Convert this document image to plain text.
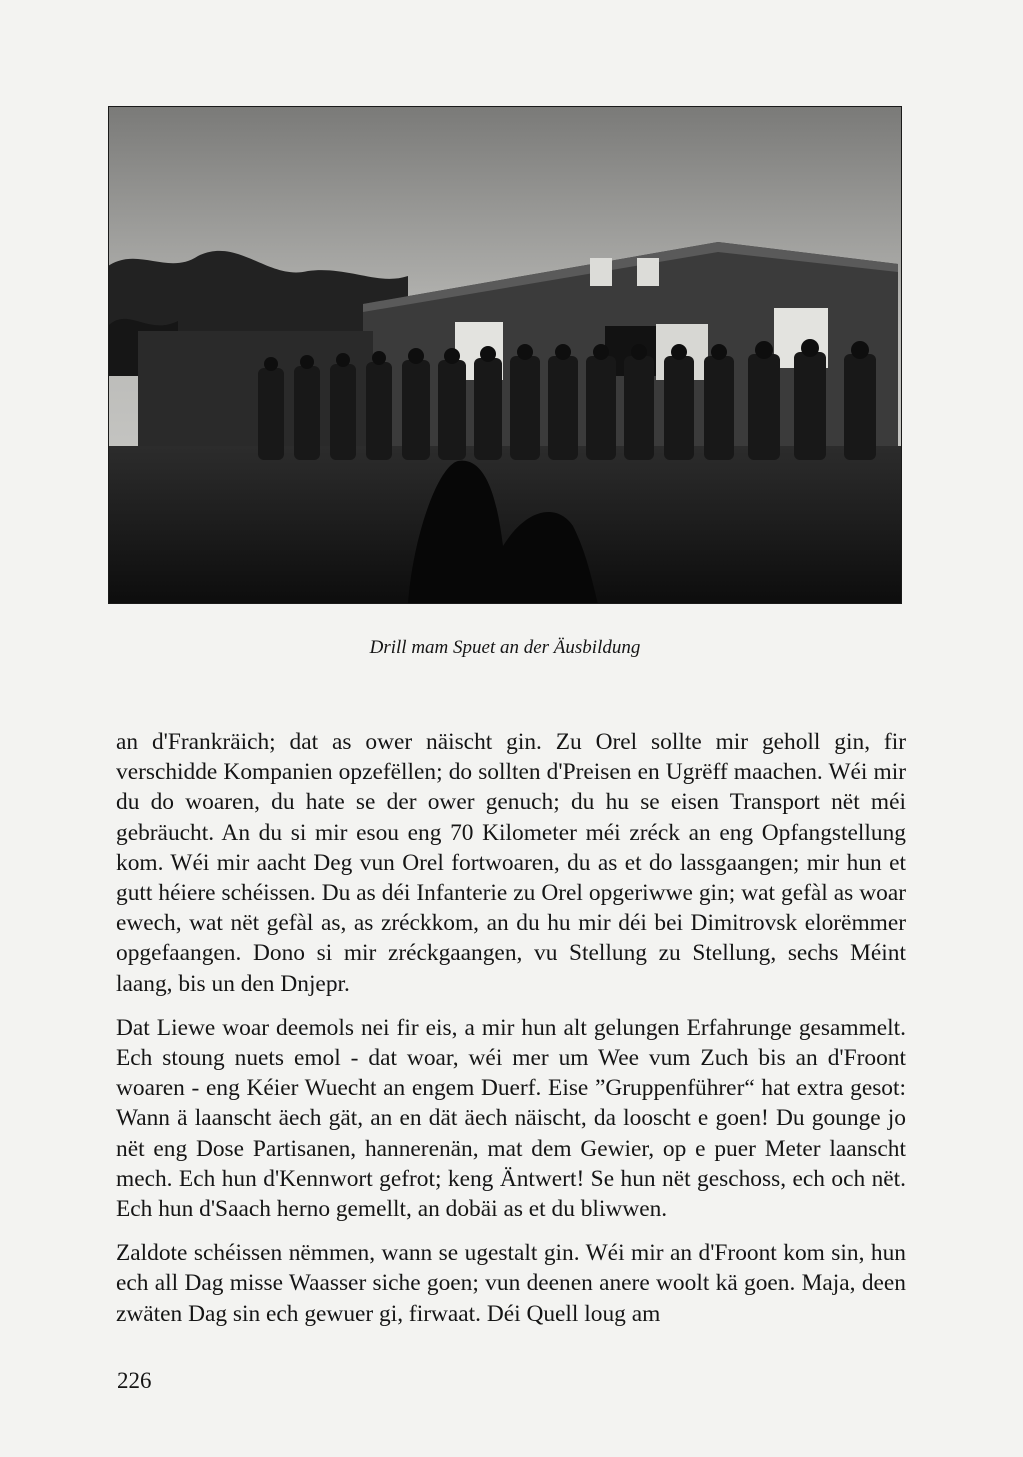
Drill mam Spuet an der Äusbildung

an d'Frankräich; dat as ower näischt gin. Zu Orel sollte mir geholl gin, fir verschidde Kompanien opzefëllen; do sollten d'Preisen en Ugrëff maachen. Wéi mir du do woaren, du hate se der ower genuch; du hu se eisen Transport nët méi gebräucht. An du si mir esou eng 70 Kilometer méi zréck an eng Opfangstellung kom. Wéi mir aacht Deg vun Orel fortwoaren, du as et do lassgaangen; mir hun et gutt héiere schéissen. Du as déi Infanterie zu Orel opgeriwwe gin; wat gefàl as woar ewech, wat nët gefàl as, as zréckkom, an du hu mir déi bei Dimitrovsk elorëmmer opgefaangen. Dono si mir zréckgaangen, vu Stellung zu Stellung, sechs Méint laang, bis un den Dnjepr.

Dat Liewe woar deemols nei fir eis, a mir hun alt gelungen Erfahrunge gesammelt. Ech stoung nuets emol - dat woar, wéi mer um Wee vum Zuch bis an d'Froont woaren - eng Kéier Wuecht an engem Duerf. Eise ”Gruppenführer“ hat extra gesot: Wann ä laanscht äech gät, an en dät äech näischt, da looscht e goen! Du gounge jo nët eng Dose Partisanen, hannerenän, mat dem Gewier, op e puer Meter laanscht mech. Ech hun d'Kennwort gefrot; keng Äntwert! Se hun nët geschoss, ech och nët. Ech hun d'Saach herno gemellt, an dobäi as et du bliwwen.

Zaldote schéissen nëmmen, wann se ugestalt gin. Wéi mir an d'Froont kom sin, hun ech all Dag misse Waasser siche goen; vun deenen anere woolt kä goen. Maja, deen zwäten Dag sin ech gewuer gi, firwaat. Déi Quell loug am

226
